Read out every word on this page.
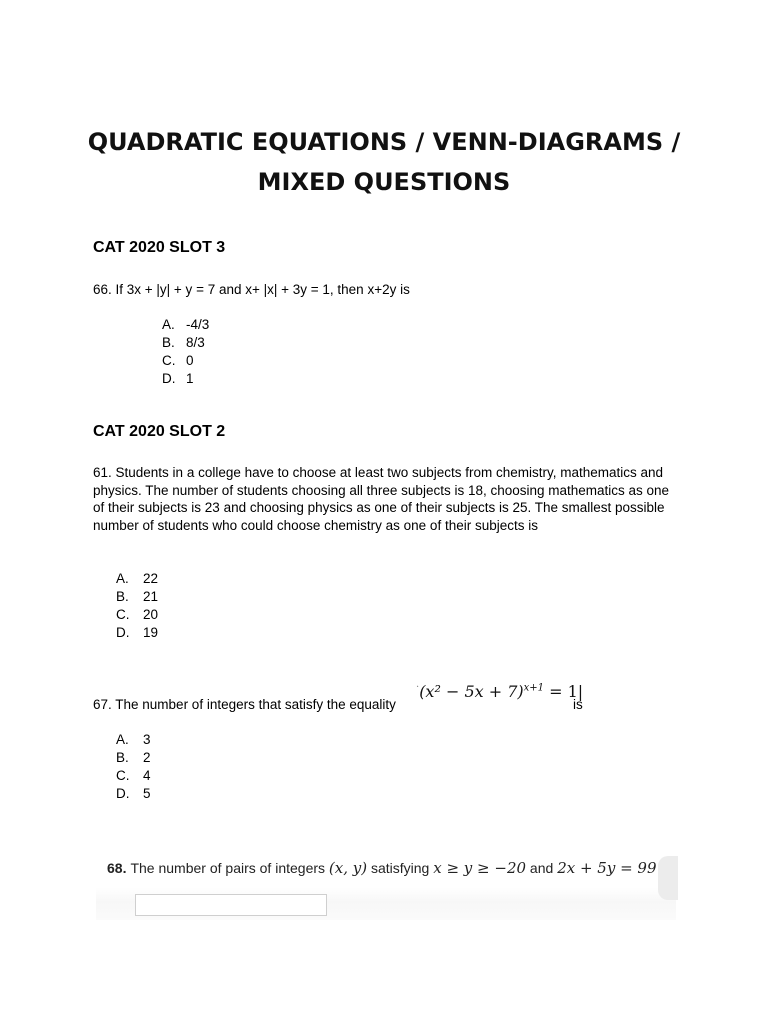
QUADRATIC EQUATIONS / VENN-DIAGRAMS /
MIXED QUESTIONS
CAT 2020 SLOT 3

66. If 3x + |y| + y = 7 and x+ |x| + 3y = 1, then x+2y is

A. -4/3
B. 8/3
C. 0
D. 1
CAT 2020 SLOT 2

61. Students in a college have to choose at least two subjects from chemistry, mathematics and physics. The number of students choosing all three subjects is 18, choosing mathematics as one of their subjects is 23 and choosing physics as one of their subjects is 25. The smallest possible number of students who could choose chemistry as one of their subjects is

A.	22
B.	21
C.	20
D.	19

67. The number of integers that satisfy the equality

$^\cdot(x^2 - 5x + 7)^{x+1} = 1|$
is
A.	3
B.	2
C.	4
D.	5
68. The number of pairs of integers (x, y) satisfying x ≥ y ≥ −20 and 2x + 5y = 99
